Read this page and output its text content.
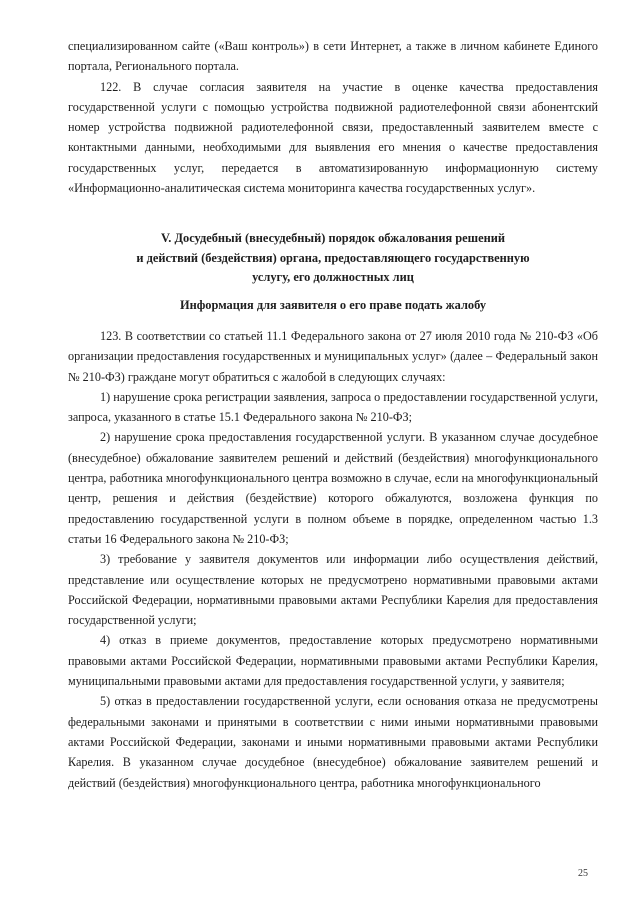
специализированном сайте («Ваш контроль») в сети Интернет, а также в личном кабинете Единого портала, Регионального портала.

122. В случае согласия заявителя на участие в оценке качества предоставления государственной услуги с помощью устройства подвижной радиотелефонной связи абонентский номер устройства подвижной радиотелефонной связи, предоставленный заявителем вместе с контактными данными, необходимыми для выявления его мнения о качестве предоставления государственных услуг, передается в автоматизированную информационную систему «Информационно-аналитическая система мониторинга качества государственных услуг».

V. Досудебный (внесудебный) порядок обжалования решений
и действий (бездействия) органа, предоставляющего государственную
услугу, его должностных лиц
Информация для заявителя о его праве подать жалобу

123. В соответствии со статьей 11.1 Федерального закона от 27 июля 2010 года № 210-ФЗ «Об организации предоставления государственных и муниципальных услуг» (далее – Федеральный закон № 210-ФЗ) граждане могут обратиться с жалобой в следующих случаях:

1) нарушение срока регистрации заявления, запроса о предоставлении государственной услуги, запроса, указанного в статье 15.1 Федерального закона № 210-ФЗ;

2) нарушение срока предоставления государственной услуги. В указанном случае досудебное (внесудебное) обжалование заявителем решений и действий (бездействия) многофункционального центра, работника многофункционального центра возможно в случае, если на многофункциональный центр, решения и действия (бездействие) которого обжалуются, возложена функция по предоставлению государственной услуги в полном объеме в порядке, определенном частью 1.3 статьи 16 Федерального закона № 210-ФЗ;

3) требование у заявителя документов или информации либо осуществления действий, представление или осуществление которых не предусмотрено нормативными правовыми актами Российской Федерации, нормативными правовыми актами Республики Карелия для предоставления государственной услуги;

4) отказ в приеме документов, предоставление которых предусмотрено нормативными правовыми актами Российской Федерации, нормативными правовыми актами Республики Карелия, муниципальными правовыми актами для предоставления государственной услуги, у заявителя;

5) отказ в предоставлении государственной услуги, если основания отказа не предусмотрены федеральными законами и принятыми в соответствии с ними иными нормативными правовыми актами Российской Федерации, законами и иными нормативными правовыми актами Республики Карелия. В указанном случае досудебное (внесудебное) обжалование заявителем решений и действий (бездействия) многофункционального центра, работника многофункционального

25
